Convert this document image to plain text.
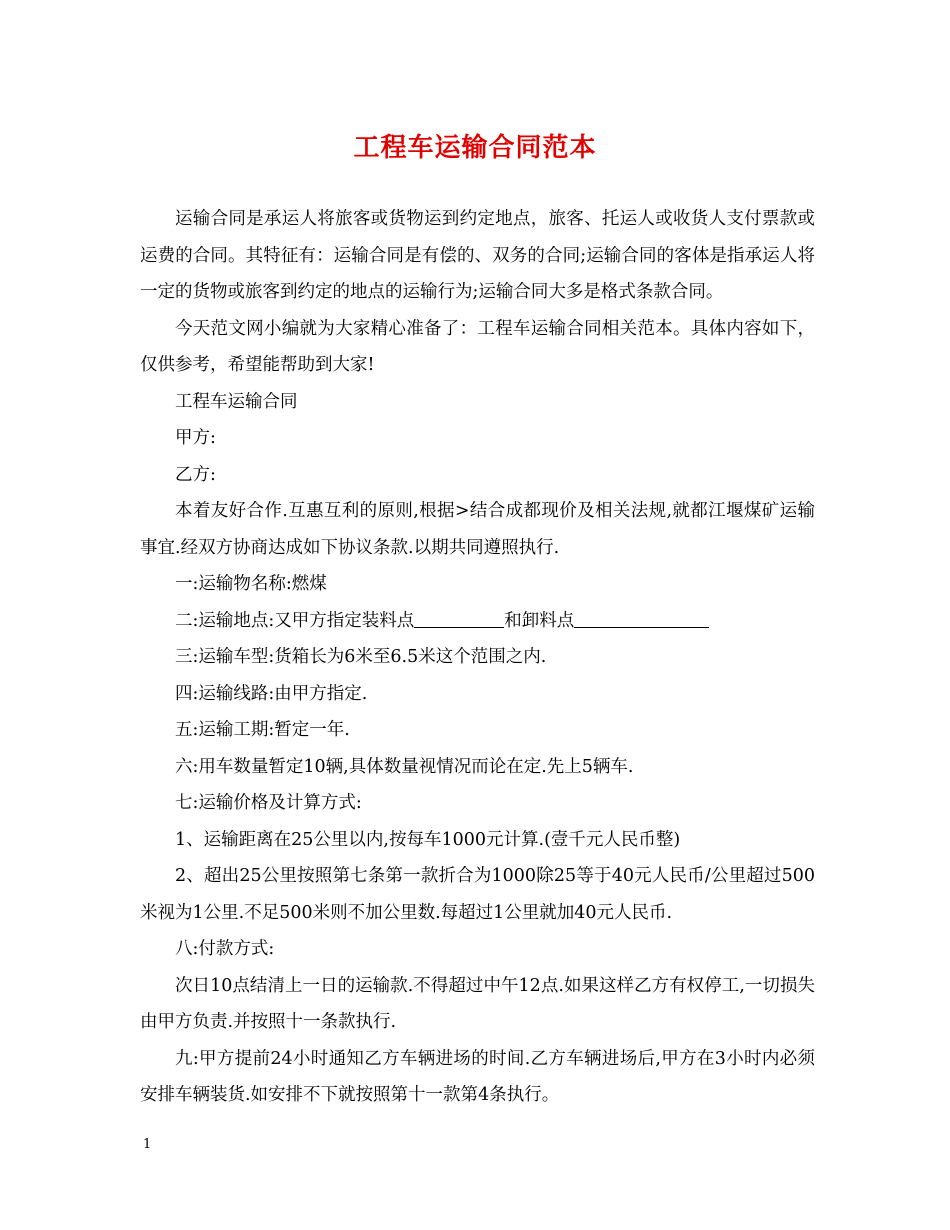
工程车运输合同范本

运输合同是承运人将旅客或货物运到约定地点，旅客、托运人或收货人支付票款或运费的合同。其特征有：运输合同是有偿的、双务的合同;运输合同的客体是指承运人将一定的货物或旅客到约定的地点的运输行为;运输合同大多是格式条款合同。

今天范文网小编就为大家精心准备了：工程车运输合同相关范本。具体内容如下，仅供参考，希望能帮助到大家!

工程车运输合同

甲方:

乙方:

本着友好合作.互惠互利的原则,根据>结合成都现价及相关法规,就都江堰煤矿运输事宜.经双方协商达成如下协议条款.以期共同遵照执行.

一:运输物名称:燃煤

二:运输地点:又甲方指定装料点	和卸料点

三:运输车型:货箱长为6米至6.5米这个范围之内.

四:运输线路:由甲方指定.

五:运输工期:暂定一年.

六:用车数量暂定10辆,具体数量视情况而论在定.先上5辆车.

七:运输价格及计算方式:

1、运输距离在25公里以内,按每车1000元计算.(壹千元人民币整)

2、超出25公里按照第七条第一款折合为1000除25等于40元人民币/公里超过500米视为1公里.不足500米则不加公里数.每超过1公里就加40元人民币.

八:付款方式:

次日10点结清上一日的运输款.不得超过中午12点.如果这样乙方有权停工,一切损失由甲方负责.并按照十一条款执行.

九:甲方提前24小时通知乙方车辆进场的时间.乙方车辆进场后,甲方在3小时内必须安排车辆装货.如安排不下就按照第十一款第4条执行。

1
